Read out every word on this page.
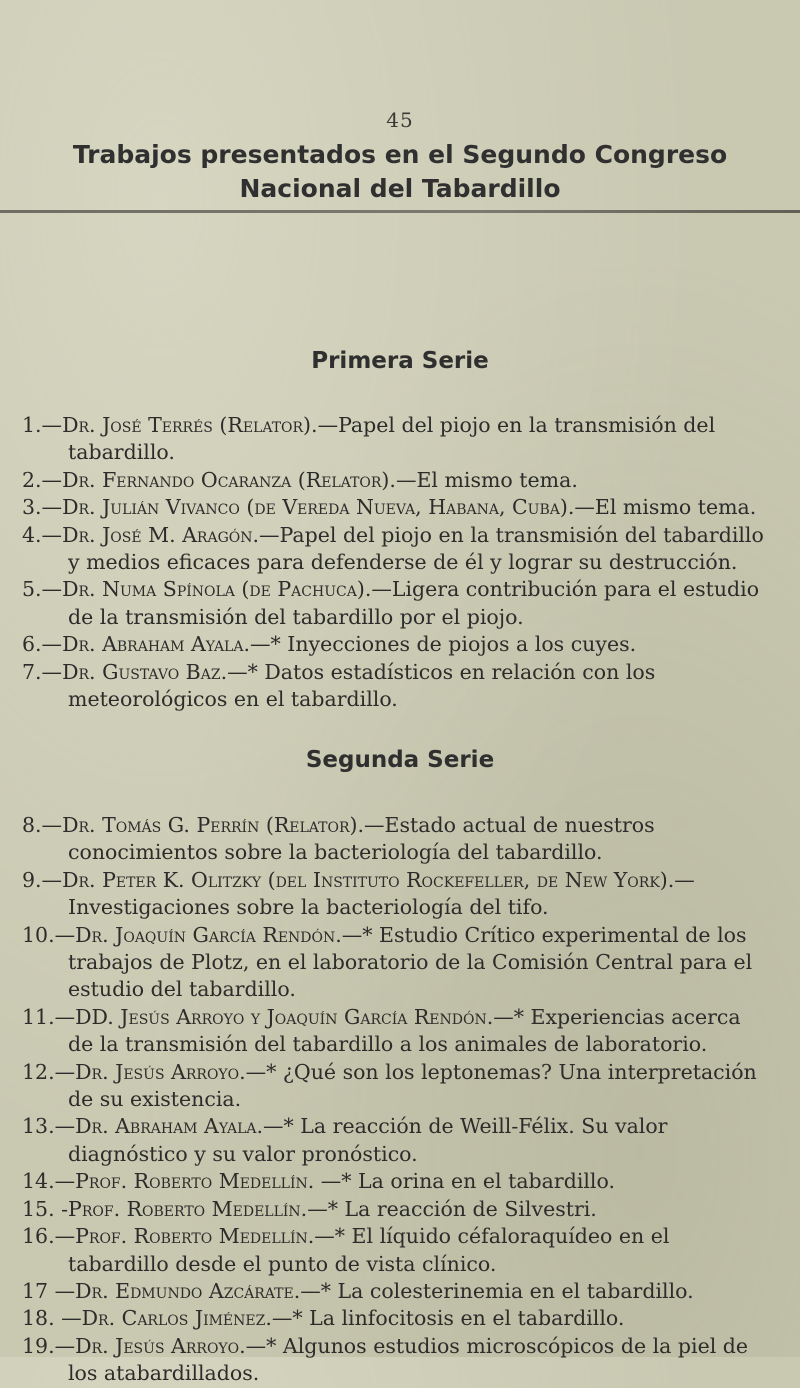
45
Trabajos presentados en el Segundo Congreso Nacional del Tabardillo
Primera Serie
1.—Dr. José Terrés (Relator).—Papel del piojo en la transmisión del tabardillo.
2.—Dr. Fernando Ocaranza (Relator).—El mismo tema.
3.—Dr. Julián Vivanco (de Vereda Nueva, Habana, Cuba).—El mismo tema.
4.—Dr. José M. Aragón.—Papel del piojo en la transmisión del tabardillo y medios eficaces para defenderse de él y lograr su destrucción.
5.—Dr. Numa Spínola (de Pachuca).—Ligera contribución para el estudio de la transmisión del tabardillo por el piojo.
6.—Dr. Abraham Ayala.—* Inyecciones de piojos a los cuyes.
7.—Dr. Gustavo Baz.—* Datos estadísticos en relación con los meteorológicos en el tabardillo.
Segunda Serie
8.—Dr. Tomás G. Perrín (Relator).—Estado actual de nuestros conocimientos sobre la bacteriología del tabardillo.
9.—Dr. Peter K. Olitzky (del Instituto Rockefeller, de New York).—Investigaciones sobre la bacteriología del tifo.
10.—Dr. Joaquín García Rendón.—* Estudio Crítico experimental de los trabajos de Plotz, en el laboratorio de la Comisión Central para el estudio del tabardillo.
11.—DD. Jesús Arroyo y Joaquín García Rendón.—* Experiencias acerca de la transmisión del tabardillo a los animales de laboratorio.
12.—Dr. Jesús Arroyo.—* ¿Qué son los leptonemas? Una interpretación de su existencia.
13.—Dr. Abraham Ayala.—* La reacción de Weill-Félix. Su valor diagnóstico y su valor pronóstico.
14.—Prof. Roberto Medellín. —* La orina en el tabardillo.
15. -Prof. Roberto Medellín.—* La reacción de Silvestri.
16.—Prof. Roberto Medellín.—* El líquido céfaloraquídeo en el tabardillo desde el punto de vista clínico.
17 —Dr. Edmundo Azcárate.—* La colesterinemia en el tabardillo.
18. —Dr. Carlos Jiménez.—* La linfocitosis en el tabardillo.
19.—Dr. Jesús Arroyo.—* Algunos estudios microscópicos de la piel de los atabardillados.
